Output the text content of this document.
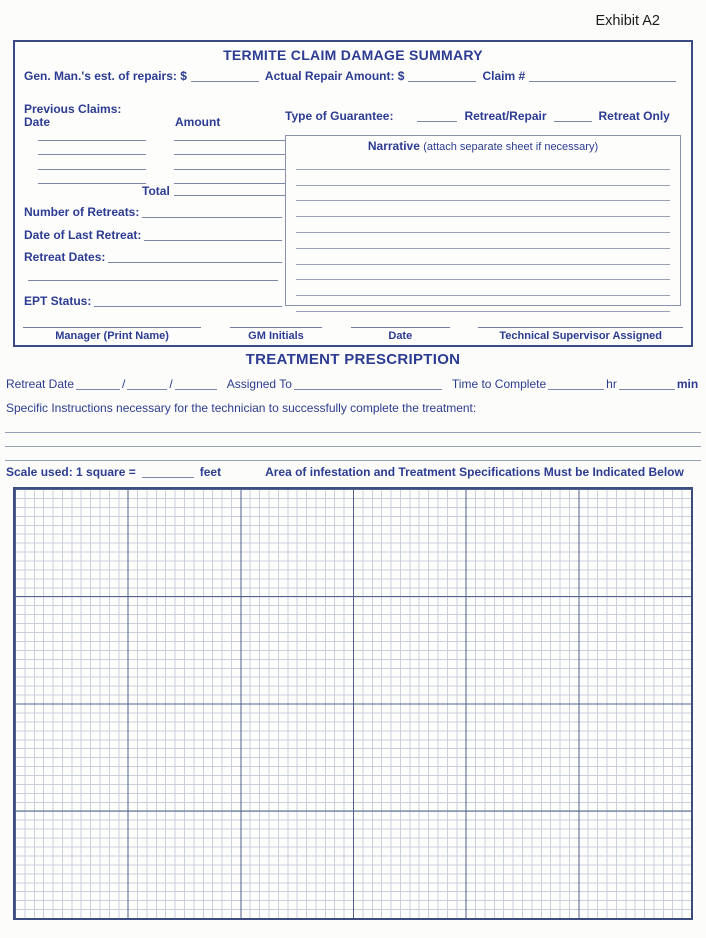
Exhibit A2
TERMITE CLAIM DAMAGE SUMMARY
Gen. Man.'s est. of repairs: $	Actual Repair Amount: $	Claim #
Previous Claims:
Date	Amount
Total
Number of Retreats:
Date of Last Retreat:
Retreat Dates:
EPT Status:
Type of Guarantee:	Retreat/Repair	Retreat Only
Narrative (attach separate sheet if necessary)
Manager (Print Name)	GM Initials	Date	Technical Supervisor Assigned
TREATMENT PRESCRIPTION
Retreat Date	/	/	Assigned To	Time to Complete	hr	min
Specific Instructions necessary for the technician to successfully complete the treatment:
Scale used: 1 square =	feet	Area of infestation and Treatment Specifications Must be Indicated Below
